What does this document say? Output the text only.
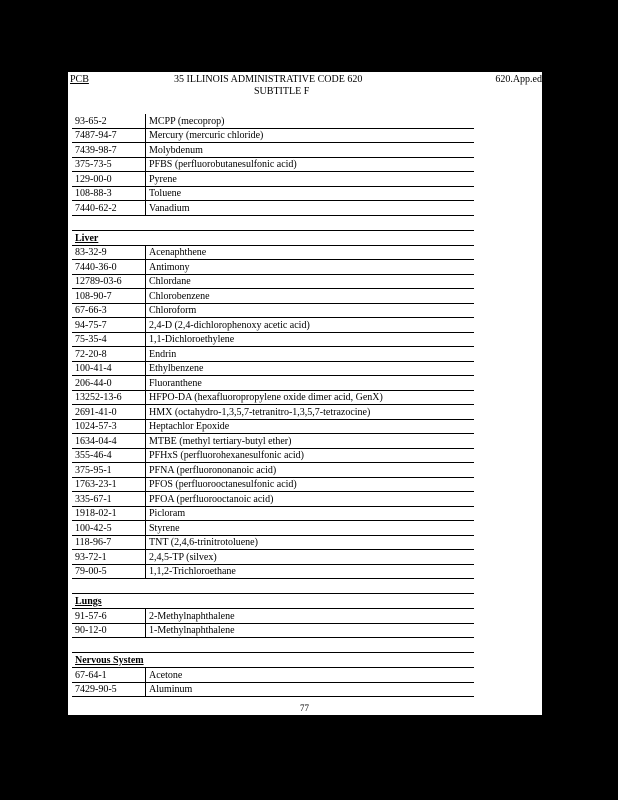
PCB	35 ILLINOIS ADMINISTRATIVE CODE 620	620.App.ed
SUBTITLE F
93-65-2	MCPP (mecoprop)
7487-94-7	Mercury (mercuric chloride)
7439-98-7	Molybdenum
375-73-5	PFBS (perfluorobutanesulfonic acid)
129-00-0	Pyrene
108-88-3	Toluene
7440-62-2	Vanadium

Liver	
83-32-9	Acenaphthene
7440-36-0	Antimony
12789-03-6	Chlordane
108-90-7	Chlorobenzene
67-66-3	Chloroform
94-75-7	2,4-D (2,4-dichlorophenoxy acetic acid)
75-35-4	1,1-Dichloroethylene
72-20-8	Endrin
100-41-4	Ethylbenzene
206-44-0	Fluoranthene
13252-13-6	HFPO-DA (hexafluoropropylene oxide dimer acid, GenX)
2691-41-0	HMX (octahydro-1,3,5,7-tetranitro-1,3,5,7-tetrazocine)
1024-57-3	Heptachlor Epoxide
1634-04-4	MTBE (methyl tertiary-butyl ether)
355-46-4	PFHxS (perfluorohexanesulfonic acid)
375-95-1	PFNA (perfluorononanoic acid)
1763-23-1	PFOS (perfluorooctanesulfonic acid)
335-67-1	PFOA (perfluorooctanoic acid)
1918-02-1	Picloram
100-42-5	Styrene
118-96-7	TNT (2,4,6-trinitrotoluene)
93-72-1	2,4,5-TP (silvex)
79-00-5	1,1,2-Trichloroethane

Lungs	
91-57-6	2-Methylnaphthalene
90-12-0	1-Methylnaphthalene

Nervous System	
67-64-1	Acetone
7429-90-5	Aluminum
77
